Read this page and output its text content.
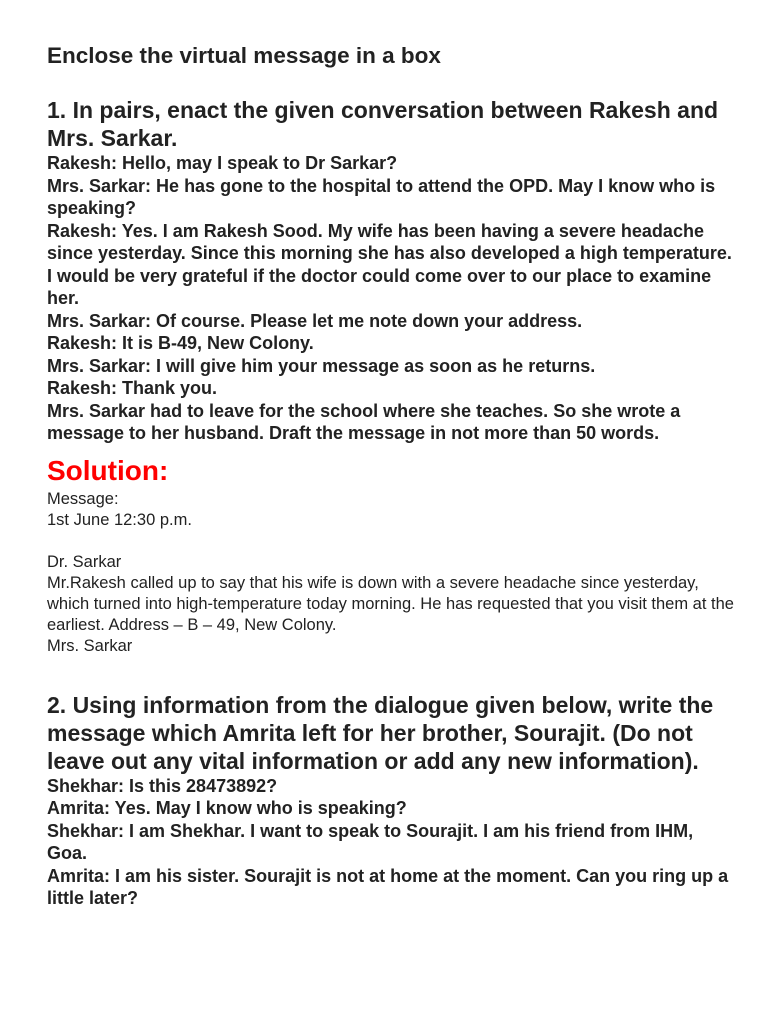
Enclose the virtual message in a box
1. In pairs, enact the given conversation between Rakesh and Mrs. Sarkar.
Rakesh: Hello, may I speak to Dr Sarkar?
Mrs. Sarkar: He has gone to the hospital to attend the OPD. May I know who is speaking?
Rakesh: Yes. I am Rakesh Sood. My wife has been having a severe headache since yesterday. Since this morning she has also developed a high temperature. I would be very grateful if the doctor could come over to our place to examine her.
Mrs. Sarkar: Of course. Please let me note down your address.
Rakesh: It is B-49, New Colony.
Mrs. Sarkar: I will give him your message as soon as he returns.
Rakesh: Thank you.
Mrs. Sarkar had to leave for the school where she teaches. So she wrote a message to her husband. Draft the message in not more than 50 words.
Solution:

Message:

1st June 12:30 p.m.

Dr. Sarkar

Mr.Rakesh called up to say that his wife is down with a severe headache since yesterday, which turned into high-temperature today morning. He has requested that you visit them at the earliest. Address – B – 49, New Colony.

Mrs. Sarkar

2. Using information from the dialogue given below, write the message which Amrita left for her brother, Sourajit. (Do not leave out any vital information or add any new information).
Shekhar: Is this 28473892?
Amrita: Yes. May I know who is speaking?
Shekhar: I am Shekhar. I want to speak to Sourajit. I am his friend from IHM, Goa.
Amrita: I am his sister. Sourajit is not at home at the moment. Can you ring up a little later?
